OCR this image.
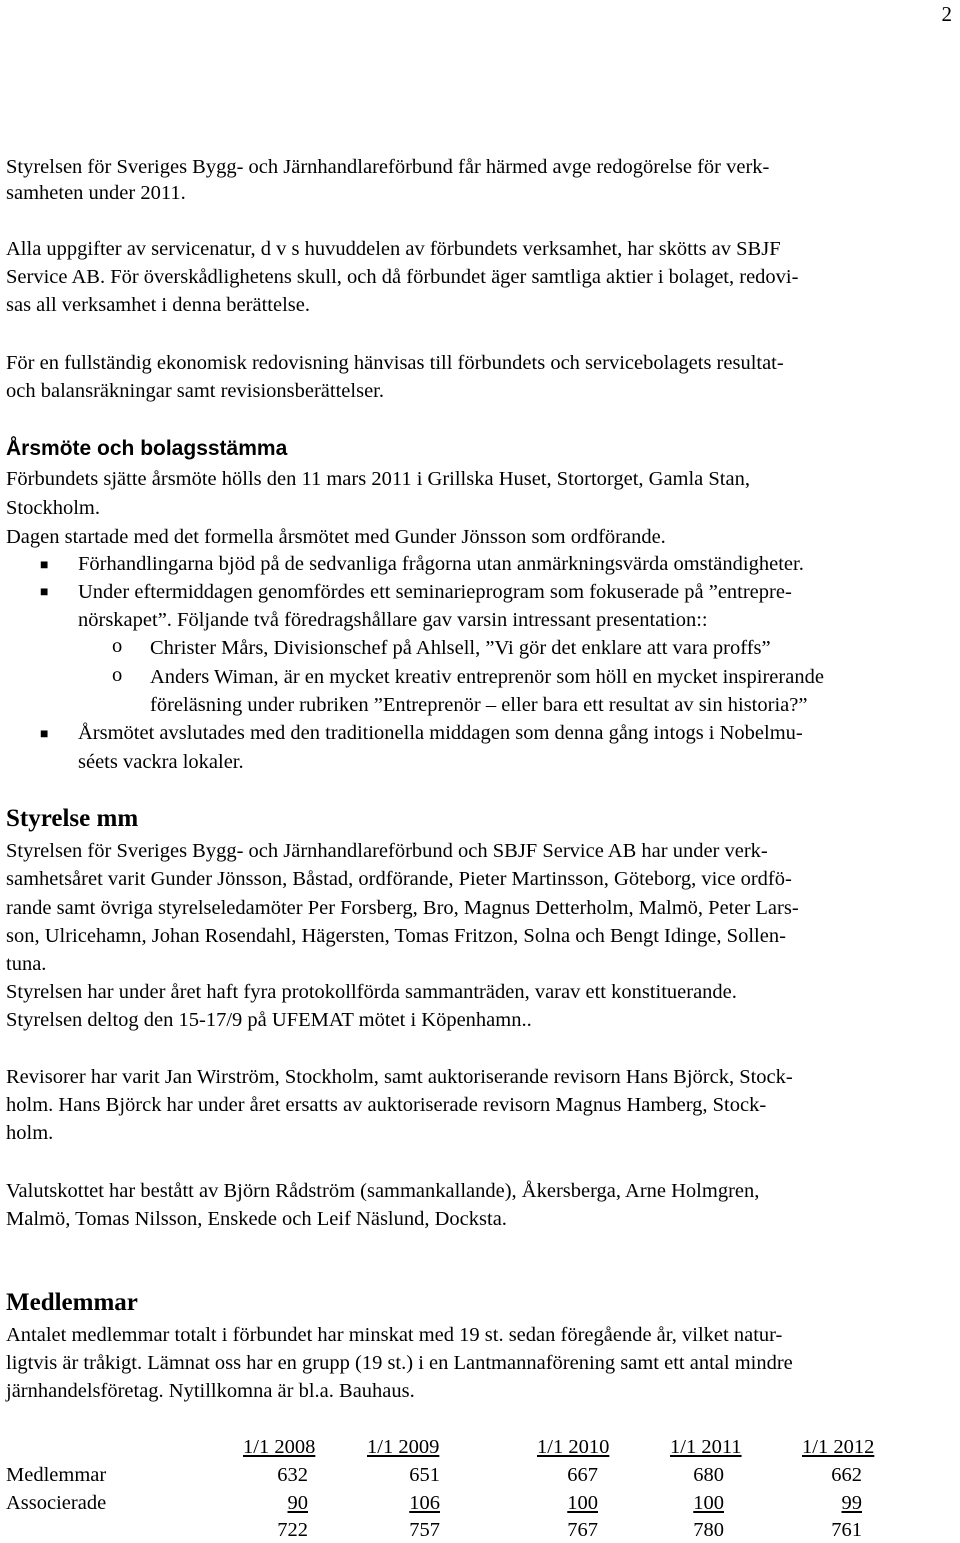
2
Styrelsen för Sveriges Bygg- och Järnhandlareförbund får härmed avge redogörelse för verk-
samheten under 2011.
Alla uppgifter av servicenatur, d v s huvuddelen av förbundets verksamhet, har skötts av SBJF
Service AB. För överskådlighetens skull, och då förbundet äger samtliga aktier i bolaget, redovi-
sas all verksamhet i denna berättelse.
För en fullständig ekonomisk redovisning hänvisas till förbundets och servicebolagets resultat-
och balansräkningar samt revisionsberättelser.
Årsmöte och bolagsstämma
Förbundets sjätte årsmöte hölls den 11 mars 2011 i Grillska Huset, Stortorget, Gamla Stan,
Stockholm.
Dagen startade med det formella årsmötet med Gunder Jönsson som ordförande.
■ Förhandlingarna bjöd på de sedvanliga frågorna utan anmärkningsvärda omständigheter.
■ Under eftermiddagen genomfördes ett seminarieprogram som fokuserade på ”entrepre-
nörskapet”. Följande två föredragshållare gav varsin intressant presentation::
o Christer Mårs, Divisionschef på Ahlsell, ”Vi gör det enklare att vara proffs”
o Anders Wiman, är en mycket kreativ entreprenör som höll en mycket inspirerande
föreläsning under rubriken ”Entreprenör – eller bara ett resultat av sin historia?”
■ Årsmötet avslutades med den traditionella middagen som denna gång intogs i Nobelmu-
séets vackra lokaler.
Styrelse mm
Styrelsen för Sveriges Bygg- och Järnhandlareförbund och SBJF Service AB har under verk-
samhetsåret varit Gunder Jönsson, Båstad, ordförande, Pieter Martinsson, Göteborg, vice ordfö-
rande samt övriga styrelseledamöter Per Forsberg, Bro, Magnus Detterholm, Malmö, Peter Lars-
son, Ulricehamn, Johan Rosendahl, Hägersten, Tomas Fritzon, Solna och Bengt Idinge, Sollen-
tuna.
Styrelsen har under året haft fyra protokollförda sammanträden, varav ett konstituerande.
Styrelsen deltog den 15-17/9 på UFEMAT mötet i Köpenhamn..
Revisorer har varit Jan Wirström, Stockholm, samt auktoriserande revisorn Hans Björck, Stock-
holm. Hans Björck har under året ersatts av auktoriserade revisorn Magnus Hamberg, Stock-
holm.
Valutskottet har bestått av Björn Rådström (sammankallande), Åkersberga, Arne Holmgren,
Malmö, Tomas Nilsson, Enskede och Leif Näslund, Docksta.
Medlemmar
Antalet medlemmar totalt i förbundet har minskat med 19 st. sedan föregående år, vilket natur-
ligtvis är tråkigt. Lämnat oss har en grupp (19 st.) i en Lantmannaförening samt ett antal mindre
järnhandelsföretag. Nytillkomna är bl.a. Bauhaus.
1/1 2008	1/1 2009	1/1 2010	1/1 2011	1/1 2012
Medlemmar	632	651	667	680	662
Associerade	90	106	100	100	99
722	757	767	780	761
